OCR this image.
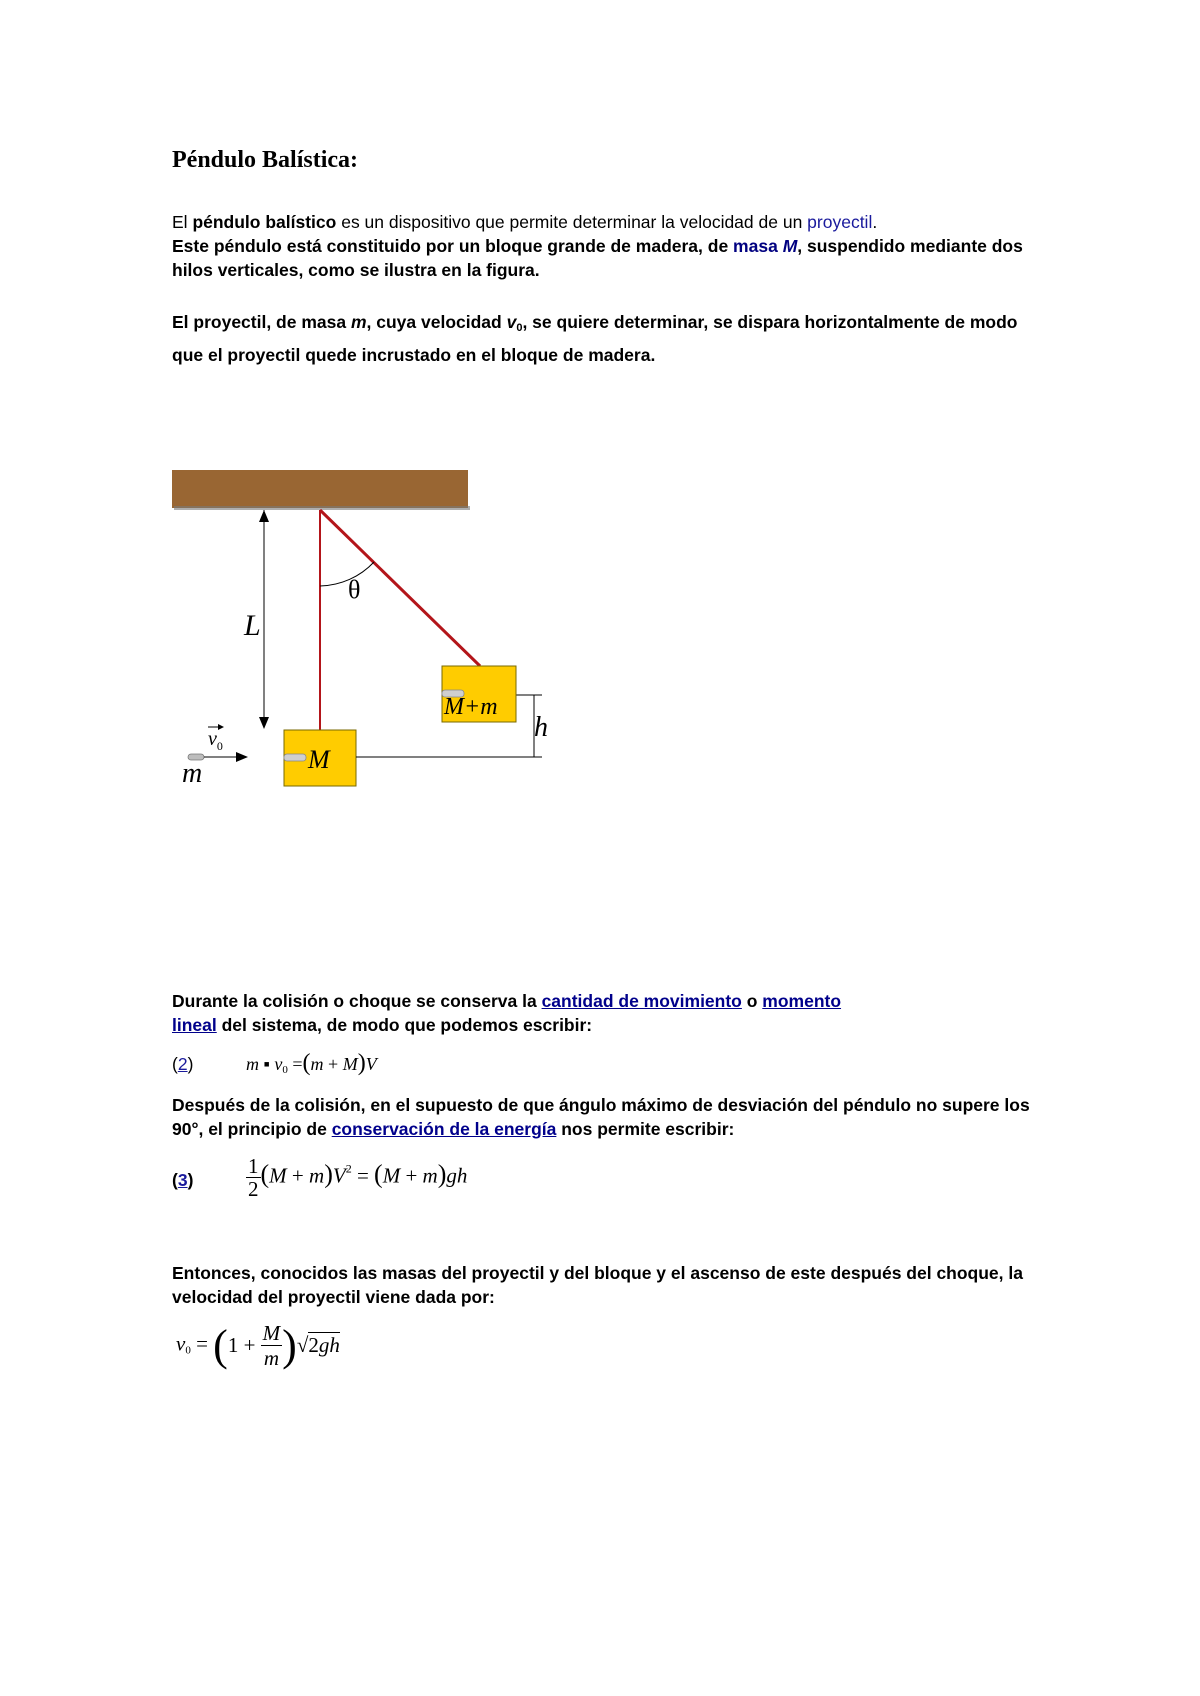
Péndulo Balística:

El péndulo balístico es un dispositivo que permite determinar la velocidad de un proyectil.

Este péndulo está constituido por un bloque grande de madera, de masa M, suspendido mediante dos hilos verticales, como se ilustra en la figura.

El proyectil, de masa m, cuya velocidad $v_0$, se quiere determinar, se dispara horizontalmente de modo que el proyectil quede incrustado en el bloque de madera.

L
θ
$v_0$
m	M
h
M+m

Durante la colisión o choque se conserva la cantidad de movimiento o momento
lineal del sistema, de modo que podemos escribir:

(2)	m ▪ $v_0 =(m + M)V$

Después de la colisión, en el supuesto de que ángulo máximo de desviación del péndulo no supere los 90°, el principio de conservación de la energía nos permite escribir:

(3)	$\frac{1}{2} (M + m)V^2 = (M + m)gh$

Entonces, conocidos las masas del proyectil y del bloque y el ascenso de este después del choque, la velocidad del proyectil viene dada por:

$v_0 = (1 + \frac{M}{m} )√2gh$
